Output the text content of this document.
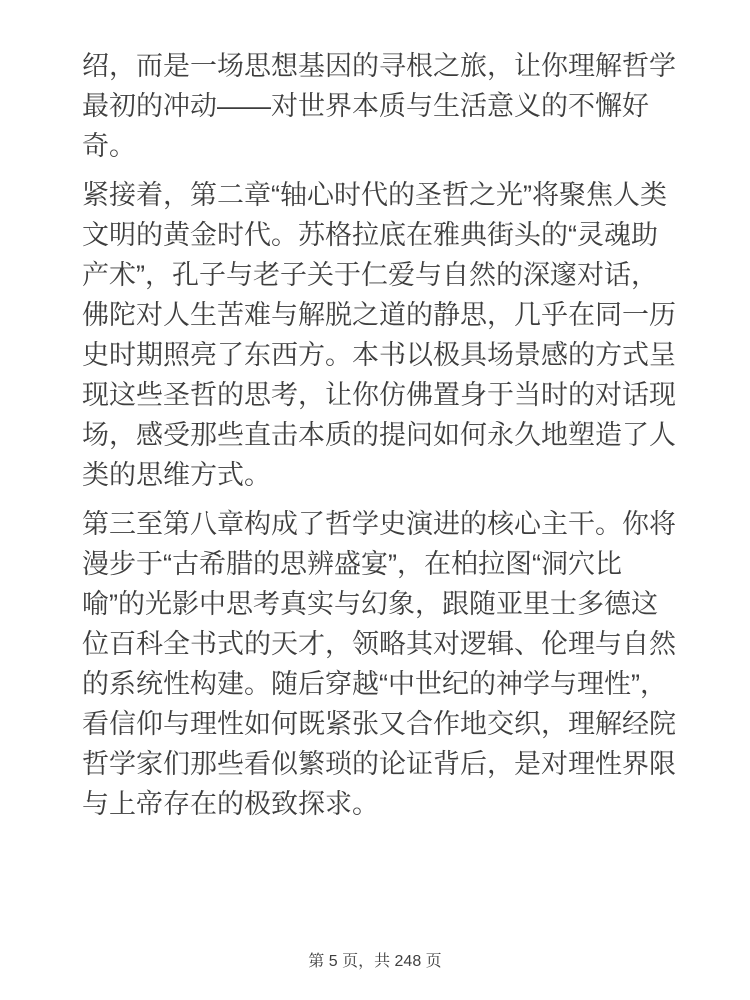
绍，而是一场思想基因的寻根之旅，让你理解哲学最初的冲动——对世界本质与生活意义的不懈好奇。

紧接着，第二章“轴心时代的圣哲之光”将聚焦人类文明的黄金时代。苏格拉底在雅典街头的“灵魂助产术”，孔子与老子关于仁爱与自然的深邃对话，佛陀对人生苦难与解脱之道的静思，几乎在同一历史时期照亮了东西方。本书以极具场景感的方式呈现这些圣哲的思考，让你仿佛置身于当时的对话现场，感受那些直击本质的提问如何永久地塑造了人类的思维方式。

第三至第八章构成了哲学史演进的核心主干。你将漫步于“古希腊的思辨盛宴”，在柏拉图“洞穴比喻”的光影中思考真实与幻象，跟随亚里士多德这位百科全书式的天才，领略其对逻辑、伦理与自然的系统性构建。随后穿越“中世纪的神学与理性”，看信仰与理性如何既紧张又合作地交织，理解经院哲学家们那些看似繁琐的论证背后，是对理性界限与上帝存在的极致探求。

第 5 页，共 248 页
